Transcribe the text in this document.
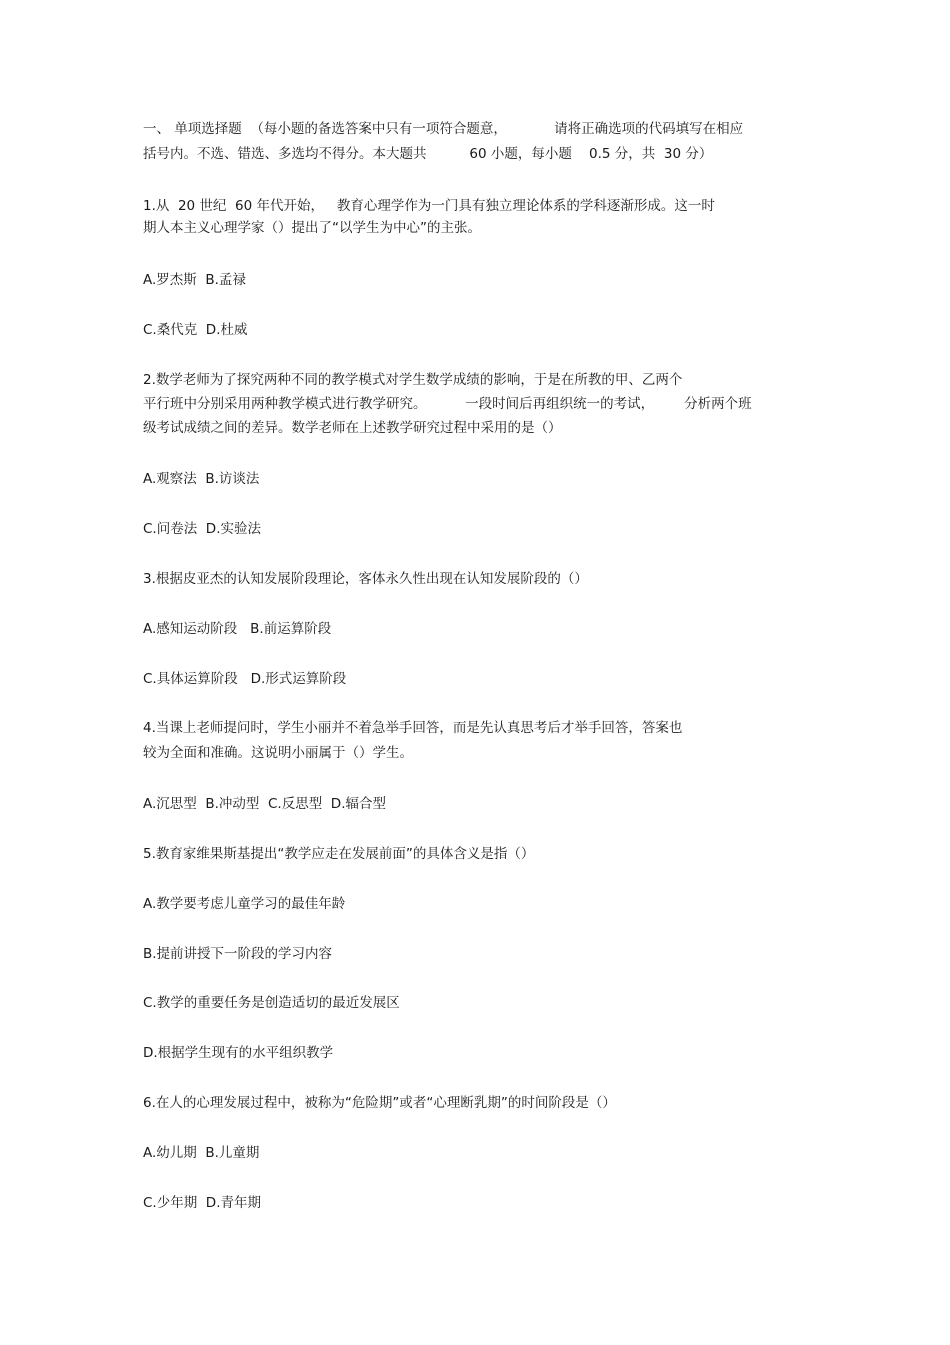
一、 单项选择题  （每小题的备选答案中只有一项符合题意，           请将正确选项的代码填写在相应
括号内。不选、错选、多选均不得分。本大题共          60 小题，每小题    0.5 分，共  30 分）
1.从  20 世纪  60 年代开始，   教育心理学作为一门具有独立理论体系的学科逐渐形成。这一时
期人本主义心理学家（）提出了“以学生为中心”的主张。
A.罗杰斯  B.孟禄
C.桑代克  D.杜威
2.数学老师为了探究两种不同的教学模式对学生数学成绩的影响，于是在所教的甲、乙两个
平行班中分别采用两种教学模式进行教学研究。         一段时间后再组织统一的考试，       分析两个班
级考试成绩之间的差异。数学老师在上述教学研究过程中采用的是（）
A.观察法  B.访谈法
C.问卷法  D.实验法
3.根据皮亚杰的认知发展阶段理论，客体永久性出现在认知发展阶段的（）
A.感知运动阶段   B.前运算阶段
C.具体运算阶段   D.形式运算阶段
4.当课上老师提问时，学生小丽并不着急举手回答，而是先认真思考后才举手回答，答案也
较为全面和准确。这说明小丽属于（）学生。
A.沉思型  B.冲动型  C.反思型  D.辐合型
5.教育家维果斯基提出“教学应走在发展前面”的具体含义是指（）
A.教学要考虑儿童学习的最佳年龄
B.提前讲授下一阶段的学习内容
C.教学的重要任务是创造适切的最近发展区
D.根据学生现有的水平组织教学
6.在人的心理发展过程中，被称为“危险期”或者“心理断乳期”的时间阶段是（）
A.幼儿期  B.儿童期
C.少年期  D.青年期
